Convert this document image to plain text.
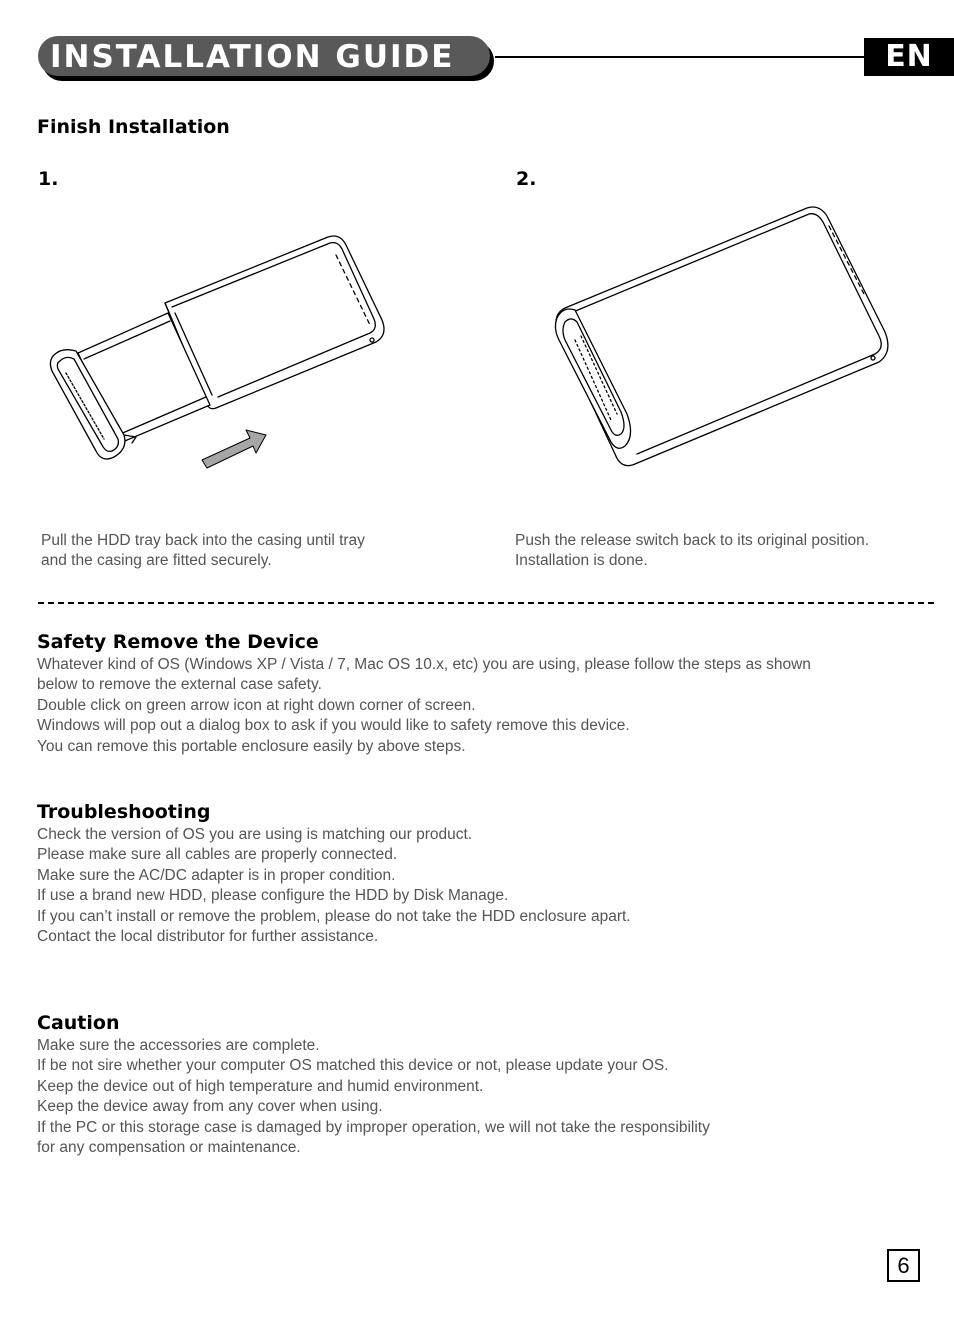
INSTALLATION GUIDE	EN
Finish Installation
1.	2.
Pull the HDD tray back into the casing until tray
and the casing are fitted securely.
Push the release switch back to its original position.
Installation is done.
Safety Remove the Device
Whatever kind of OS (Windows XP / Vista / 7, Mac OS 10.x, etc) you are using, please follow the steps as shown
below to remove the external case safety.
Double click on green arrow icon at right down corner of screen.
Windows will pop out a dialog box to ask if you would like to safety remove this device.
You can remove this portable enclosure easily by above steps.
Troubleshooting
Check the version of OS you are using is matching our product.
Please make sure all cables are properly connected.
Make sure the AC/DC adapter is in proper condition.
If use a brand new HDD, please configure the HDD by Disk Manage.
If you can’t install or remove the problem, please do not take the HDD enclosure apart.
Contact the local distributor for further assistance.
Caution
Make sure the accessories are complete.
If be not sire whether your computer OS matched this device or not, please update your OS.
Keep the device out of high temperature and humid environment.
Keep the device away from any cover when using.
If the PC or this storage case is damaged by improper operation, we will not take the responsibility
for any compensation or maintenance.
6
